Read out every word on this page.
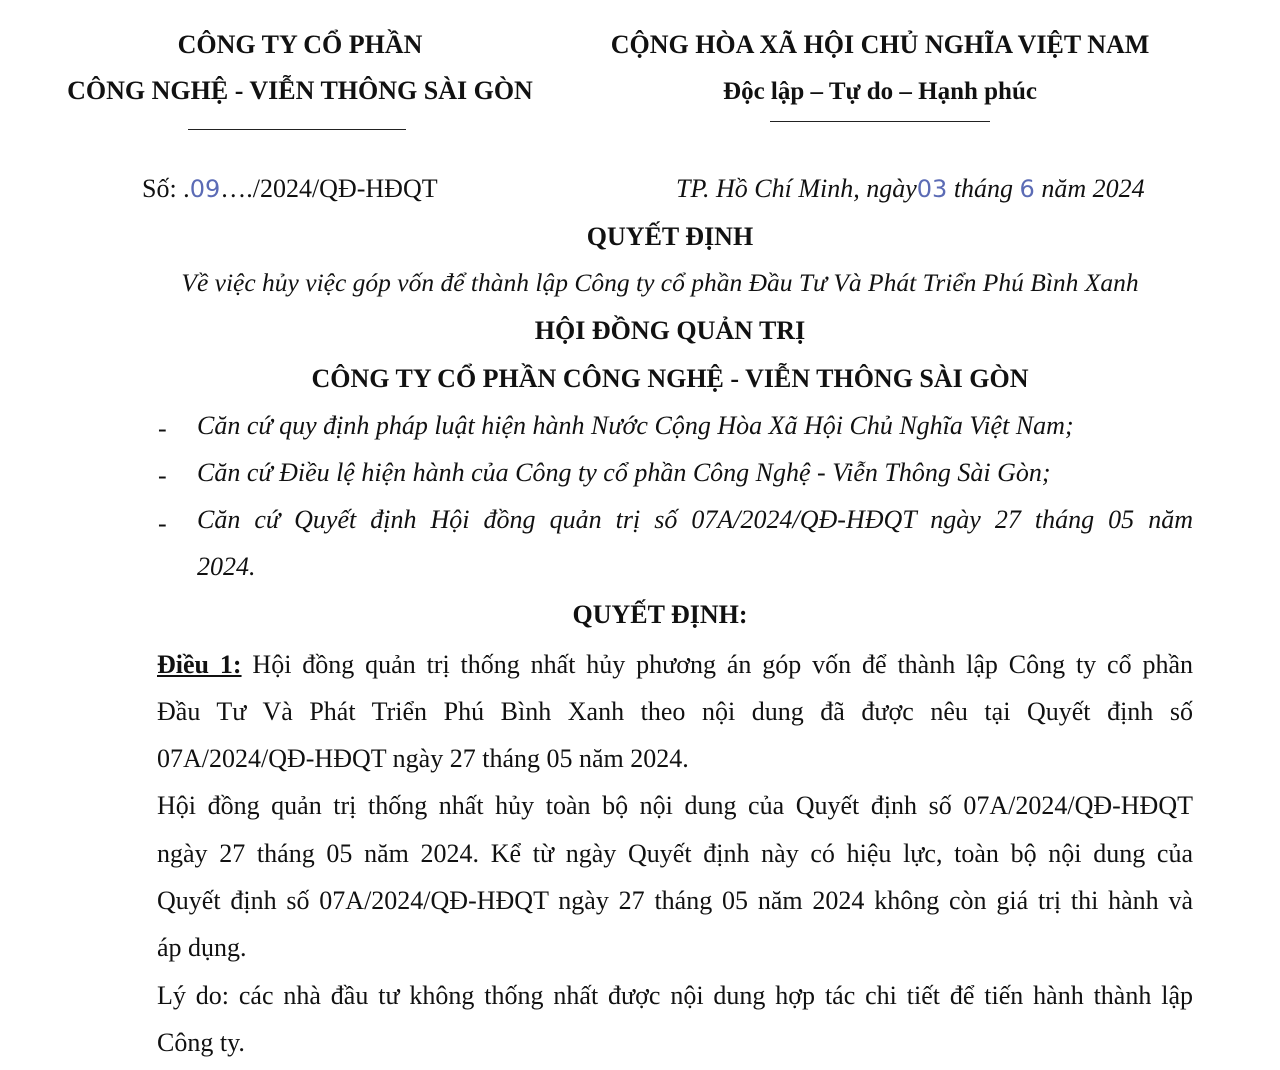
CÔNG TY CỔ PHẦN
CÔNG NGHỆ - VIỄN THÔNG SÀI GÒN
CỘNG HÒA XÃ HỘI CHỦ NGHĨA VIỆT NAM
Độc lập – Tự do – Hạnh phúc
Số: .09…./2024/QĐ-HĐQT	TP. Hồ Chí Minh, ngày03 tháng 6 năm 2024
QUYẾT ĐỊNH
Về việc hủy việc góp vốn để thành lập Công ty cổ phần Đầu Tư Và Phát Triển Phú Bình Xanh
HỘI ĐỒNG QUẢN TRỊ
CÔNG TY CỔ PHẦN CÔNG NGHỆ - VIỄN THÔNG SÀI GÒN
- Căn cứ quy định pháp luật hiện hành Nước Cộng Hòa Xã Hội Chủ Nghĩa Việt Nam;
- Căn cứ Điều lệ hiện hành của Công ty cổ phần Công Nghệ - Viễn Thông Sài Gòn;
- Căn cứ Quyết định Hội đồng quản trị số 07A/2024/QĐ-HĐQT ngày 27 tháng 05 năm
2024.
QUYẾT ĐỊNH:
Điều 1: Hội đồng quản trị thống nhất hủy phương án góp vốn để thành lập Công ty cổ phần
Đầu Tư Và Phát Triển Phú Bình Xanh theo nội dung đã được nêu tại Quyết định số
07A/2024/QĐ-HĐQT ngày 27 tháng 05 năm 2024.
Hội đồng quản trị thống nhất hủy toàn bộ nội dung của Quyết định số 07A/2024/QĐ-HĐQT
ngày 27 tháng 05 năm 2024. Kể từ ngày Quyết định này có hiệu lực, toàn bộ nội dung của
Quyết định số 07A/2024/QĐ-HĐQT ngày 27 tháng 05 năm 2024 không còn giá trị thi hành và
áp dụng.
Lý do: các nhà đầu tư không thống nhất được nội dung hợp tác chi tiết để tiến hành thành lập
Công ty.
